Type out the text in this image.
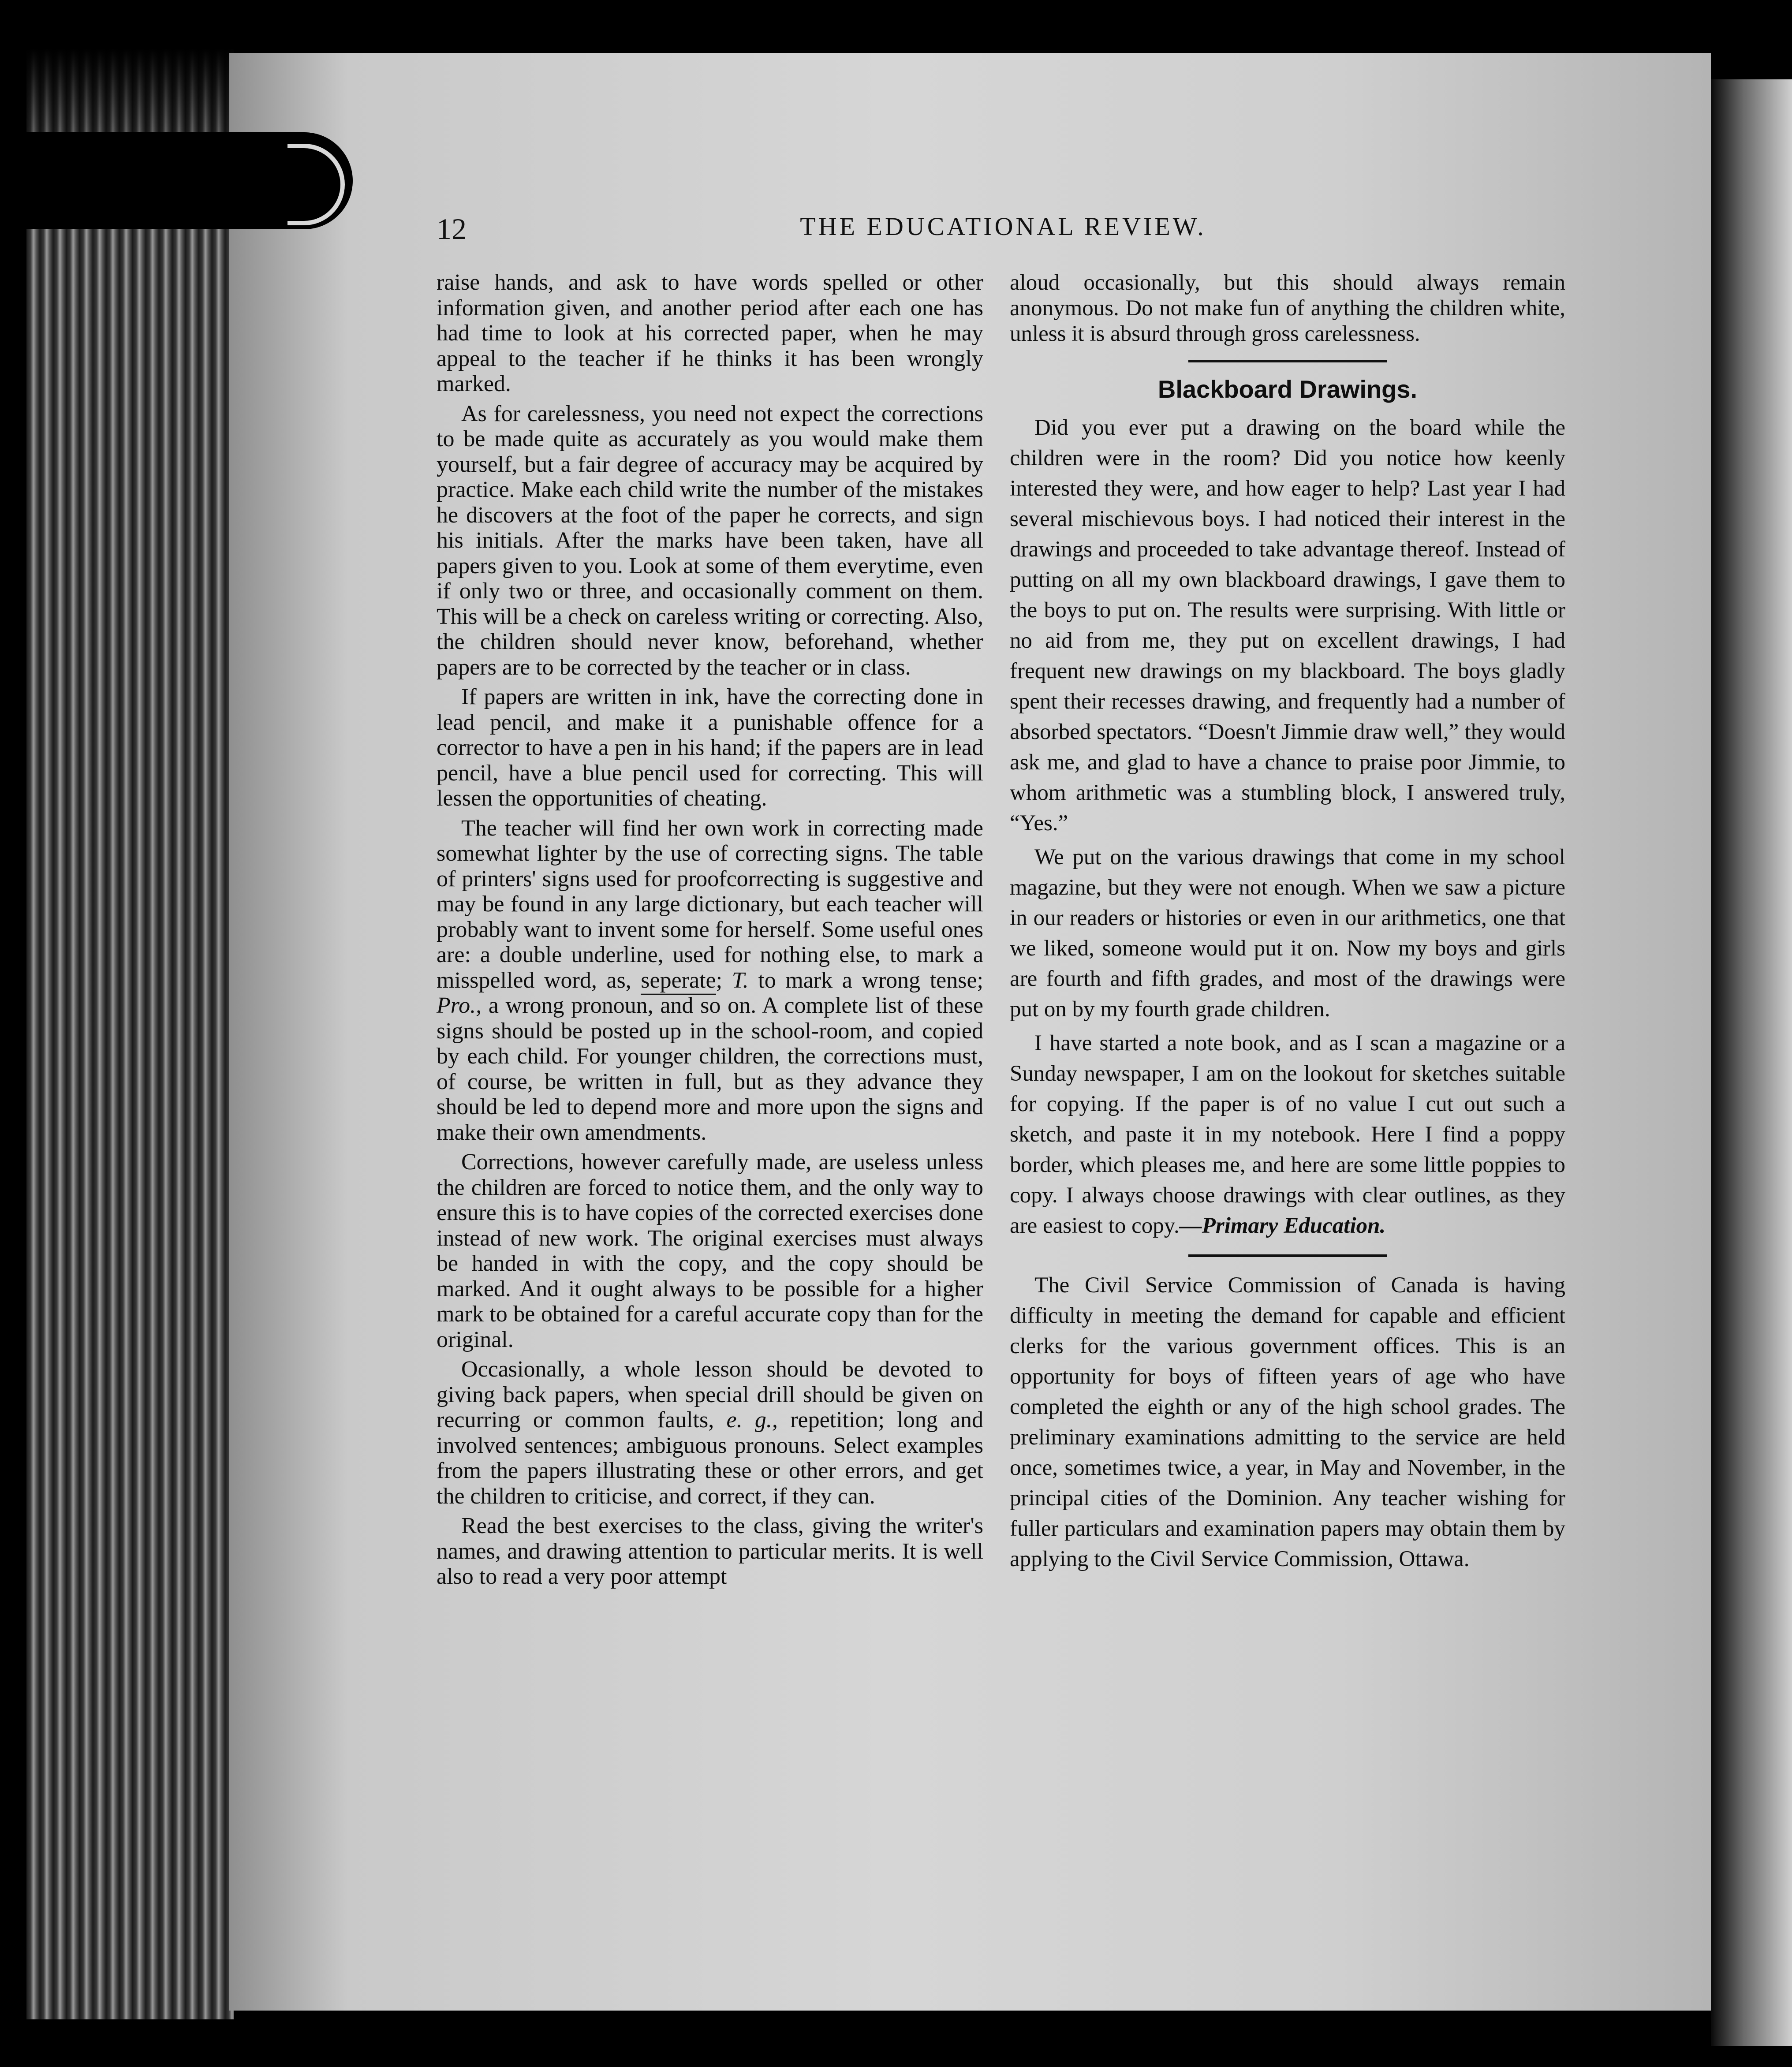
12	THE EDUCATIONAL REVIEW.

raise hands, and ask to have words spelled or other information given, and another period after each one has had time to look at his corrected paper, when he may appeal to the teacher if he thinks it has been wrongly marked.

As for carelessness, you need not expect the corrections to be made quite as accurately as you would make them yourself, but a fair degree of accuracy may be acquired by practice. Make each child write the number of the mistakes he discovers at the foot of the paper he corrects, and sign his initials. After the marks have been taken, have all papers given to you. Look at some of them everytime, even if only two or three, and occasionally comment on them. This will be a check on careless writing or correcting. Also, the children should never know, beforehand, whether papers are to be corrected by the teacher or in class.

If papers are written in ink, have the correcting done in lead pencil, and make it a punishable offence for a corrector to have a pen in his hand; if the papers are in lead pencil, have a blue pencil used for correcting. This will lessen the opportunities of cheating.

The teacher will find her own work in correcting made somewhat lighter by the use of correcting signs. The table of printers' signs used for proofcorrecting is suggestive and may be found in any large dictionary, but each teacher will probably want to invent some for herself. Some useful ones are: a double underline, used for nothing else, to mark a misspelled word, as, seperate; T. to mark a wrong tense; Pro., a wrong pronoun, and so on. A complete list of these signs should be posted up in the school-room, and copied by each child. For younger children, the corrections must, of course, be written in full, but as they advance they should be led to depend more and more upon the signs and make their own amendments.

Corrections, however carefully made, are useless unless the children are forced to notice them, and the only way to ensure this is to have copies of the corrected exercises done instead of new work. The original exercises must always be handed in with the copy, and the copy should be marked. And it ought always to be possible for a higher mark to be obtained for a careful accurate copy than for the original.

Occasionally, a whole lesson should be devoted to giving back papers, when special drill should be given on recurring or common faults, e. g., repetition; long and involved sentences; ambiguous pronouns. Select examples from the papers illustrating these or other errors, and get the children to criticise, and correct, if they can.

Read the best exercises to the class, giving the writer's names, and drawing attention to particular merits. It is well also to read a very poor attempt

aloud occasionally, but this should always remain anonymous. Do not make fun of anything the children white, unless it is absurd through gross carelessness.

Blackboard Drawings.

Did you ever put a drawing on the board while the children were in the room? Did you notice how keenly interested they were, and how eager to help? Last year I had several mischievous boys. I had noticed their interest in the drawings and proceeded to take advantage thereof. Instead of putting on all my own blackboard drawings, I gave them to the boys to put on. The results were surprising. With little or no aid from me, they put on excellent drawings, I had frequent new drawings on my blackboard. The boys gladly spent their recesses drawing, and frequently had a number of absorbed spectators. “Doesn't Jimmie draw well,” they would ask me, and glad to have a chance to praise poor Jimmie, to whom arithmetic was a stumbling block, I answered truly, “Yes.”

We put on the various drawings that come in my school magazine, but they were not enough. When we saw a picture in our readers or histories or even in our arithmetics, one that we liked, someone would put it on. Now my boys and girls are fourth and fifth grades, and most of the drawings were put on by my fourth grade children.

I have started a note book, and as I scan a magazine or a Sunday newspaper, I am on the lookout for sketches suitable for copying. If the paper is of no value I cut out such a sketch, and paste it in my notebook. Here I find a poppy border, which pleases me, and here are some little poppies to copy. I always choose drawings with clear outlines, as they are easiest to copy.—Primary Education.

The Civil Service Commission of Canada is having difficulty in meeting the demand for capable and efficient clerks for the various government offices. This is an opportunity for boys of fifteen years of age who have completed the eighth or any of the high school grades. The preliminary examinations admitting to the service are held once, sometimes twice, a year, in May and November, in the principal cities of the Dominion. Any teacher wishing for fuller particulars and examination papers may obtain them by applying to the Civil Service Commission, Ottawa.
